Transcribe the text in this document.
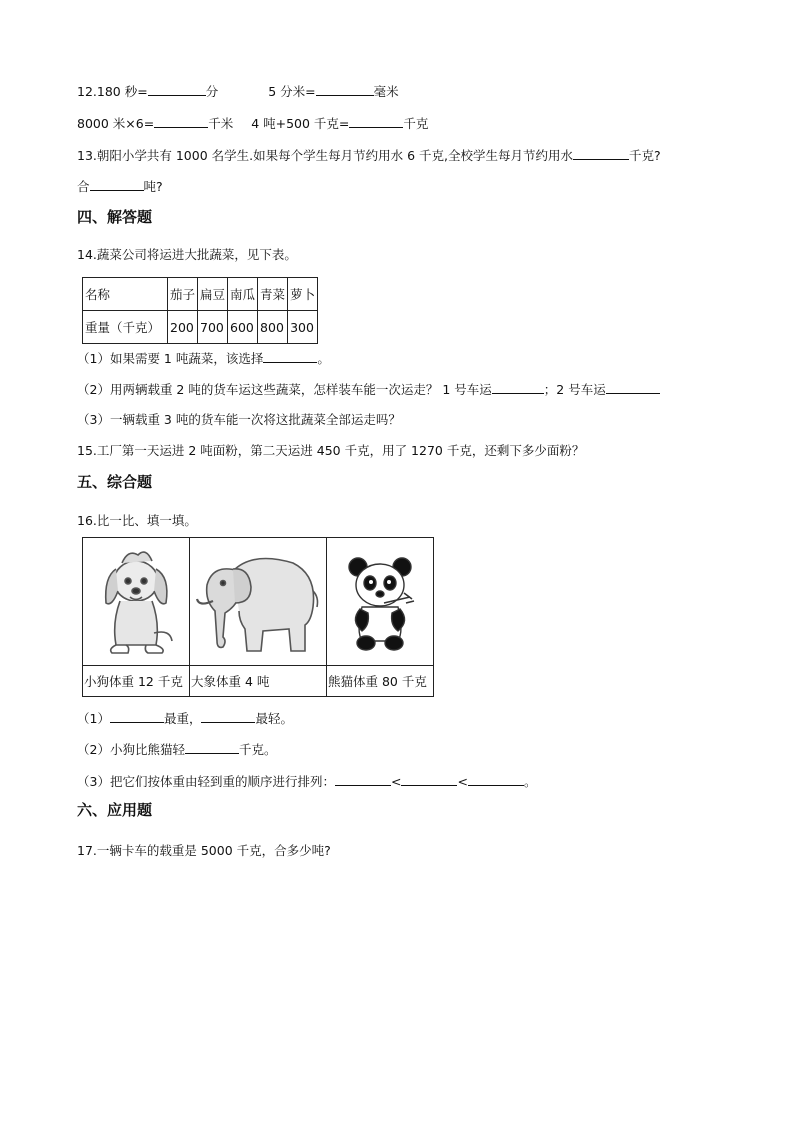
12.180 秒=	分	5 分米=	毫米
8000 米×6=	千米 4 吨+500 千克=	千克
13.朝阳小学共有 1000 名学生.如果每个学生每月节约用水 6 千克,全校学生每月节约用水	千克?
合	吨?
四、解答题
14.蔬菜公司将运进大批蔬菜，见下表。
名称	茄子	扁豆	南瓜	青菜	萝卜
重量（千克）	200	700	600	800	300
（1）如果需要 1 吨蔬菜，该选择	。
（2）用两辆载重 2 吨的货车运这些蔬菜，怎样装车能一次运走？ 1 号车运	；2 号车运
（3）一辆载重 3 吨的货车能一次将这批蔬菜全部运走吗？
15.工厂第一天运进 2 吨面粉，第二天运进 450 千克，用了 1270 千克，还剩下多少面粉？
五、综合题
16.比一比、填一填。

小狗体重 12 千克	大象体重 4 吨	熊猫体重 80 千克
（1）	最重，	最轻。
（2）小狗比熊猫轻	千克。
（3）把它们按体重由轻到重的顺序进行排列：	<	<	。
六、应用题
17.一辆卡车的载重是 5000 千克，合多少吨?
